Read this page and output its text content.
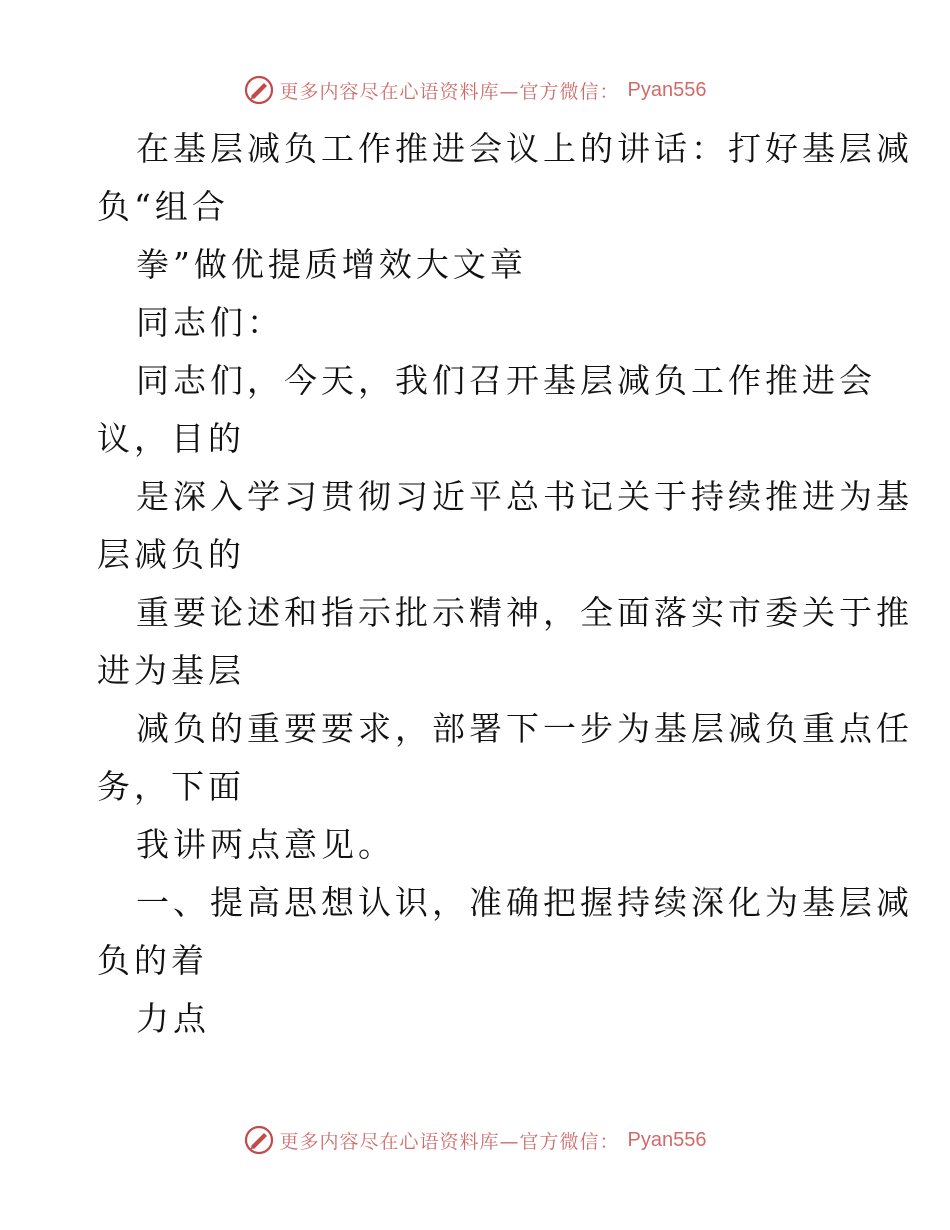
更多内容尽在心语资料库—官方微信： Pyan556
在基层减负工作推进会议上的讲话：打好基层减
负“组合
拳”做优提质增效大文章
同志们：
同志们，今天，我们召开基层减负工作推进会
议，目的
是深入学习贯彻习近平总书记关于持续推进为基
层减负的
重要论述和指示批示精神，全面落实市委关于推
进为基层
减负的重要要求，部署下一步为基层减负重点任
务，下面
我讲两点意见。
一、提高思想认识，准确把握持续深化为基层减
负的着
力点
更多内容尽在心语资料库—官方微信： Pyan556
